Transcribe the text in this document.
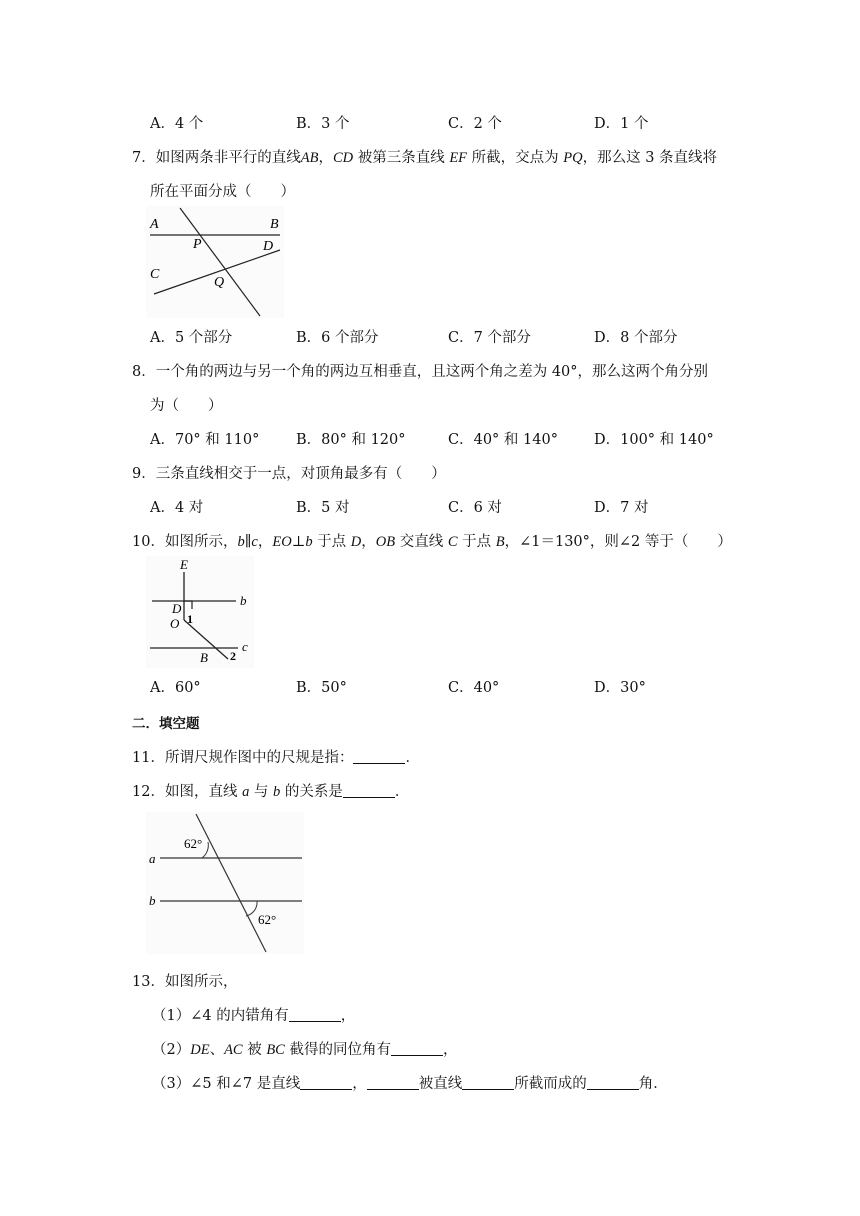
A．4 个	B．3 个	C．2 个	D．1 个
7．如图两条非平行的直线AB，CD 被第三条直线 EF 所截，交点为 PQ，那么这 3 条直线将
所在平面分成（　　）
A	B
D
C
P
Q
A．5 个部分	B．6 个部分	C．7 个部分	D．8 个部分
8．一个角的两边与另一个角的两边互相垂直，且这两个角之差为 40°，那么这两个角分别
为（　　）
A．70° 和 110°	B．80° 和 120°	C．40° 和 140° D．100° 和 140°
9．三条直线相交于一点，对顶角最多有（　　）
A．4 对	B．5 对	C．6 对	D．7 对
10．如图所示，b∥c，EO⊥b 于点 D，OB 交直线 C 于点 B，∠1＝130°，则∠2 等于（　　）
E
D
O
b
c
B
1
2
A．60°	B．50°	C．40°	D．30°
二．填空题
11．所谓尺规作图中的尺规是指：	．
12．如图，直线 a 与 b 的关系是	．
a
b
62°
62°
13．如图所示，
（1）∠4 的内错角有	，
（2）DE、AC 被 BC 截得的同位角有	，
（3）∠5 和∠7 是直线	，	被直线	所截而成的	角．
